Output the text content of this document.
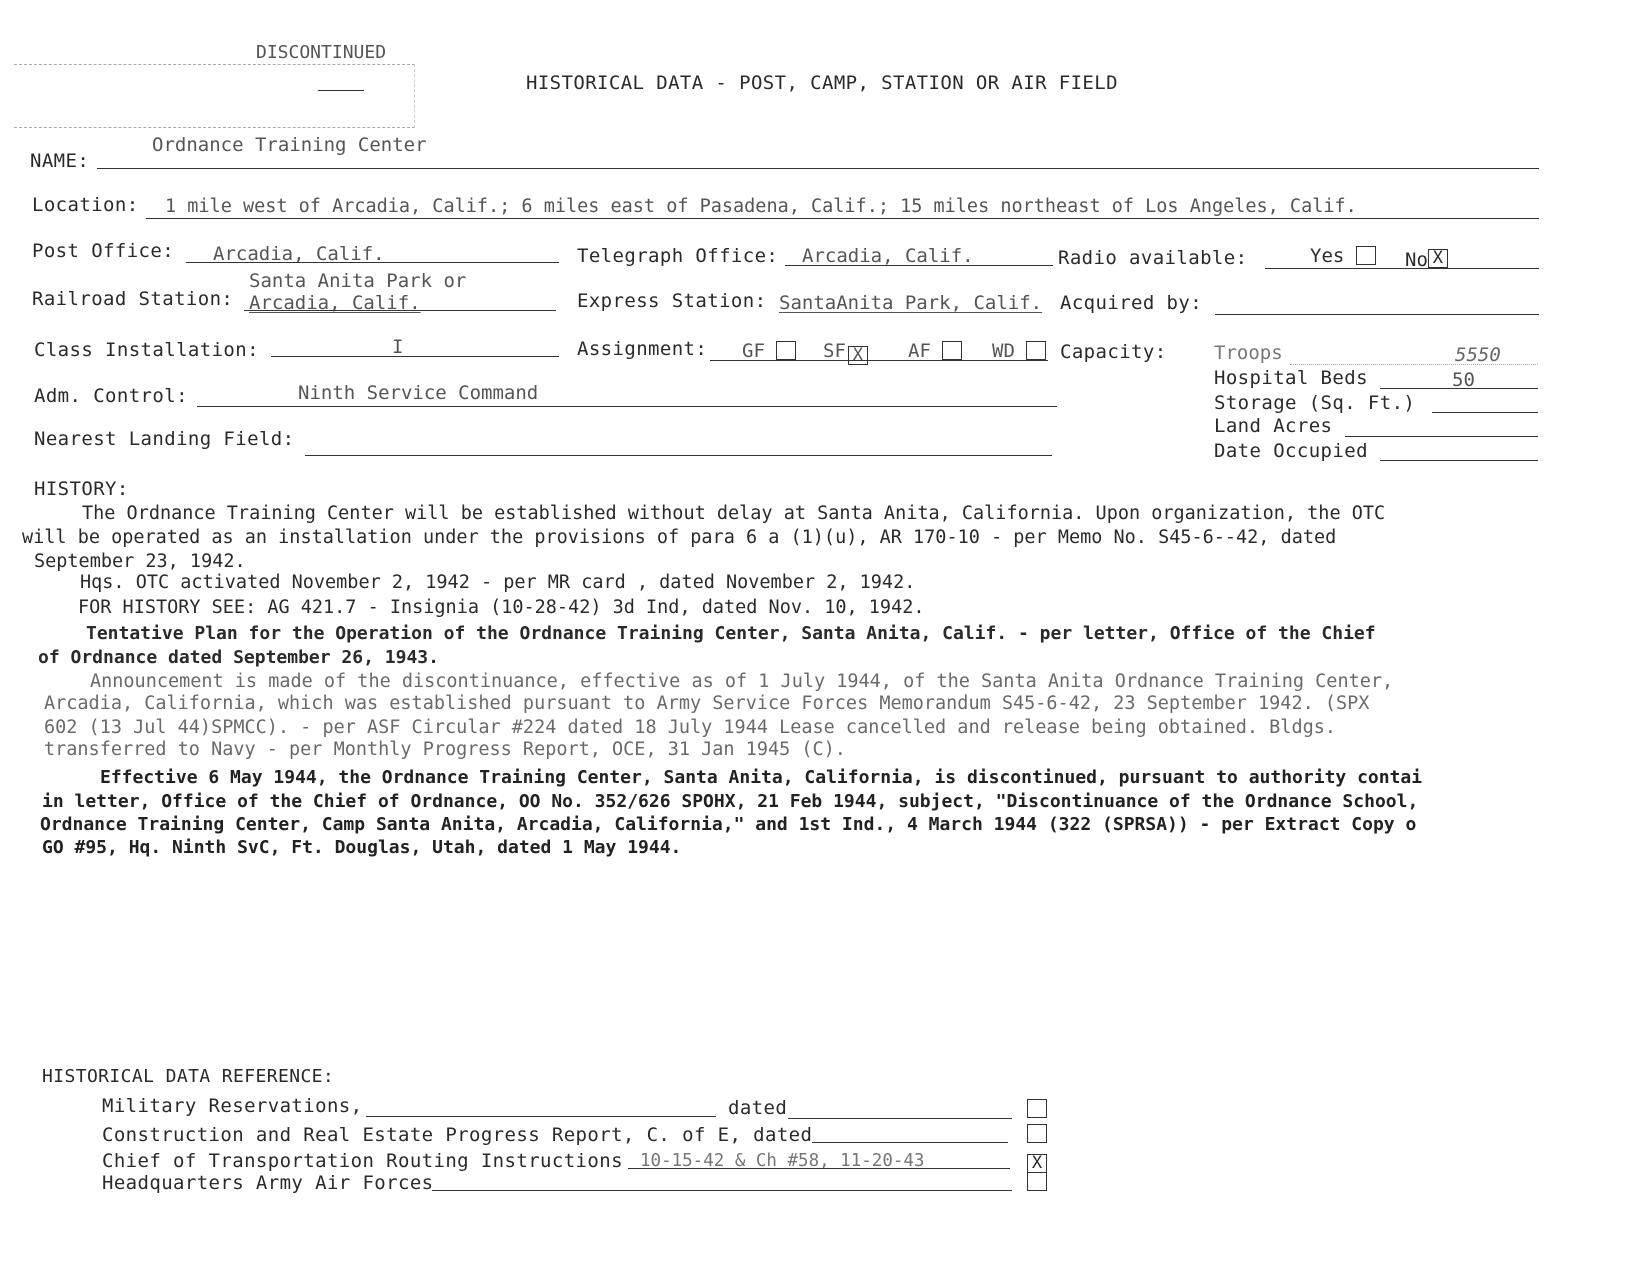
DISCONTINUED
HISTORICAL DATA - POST, CAMP, STATION OR AIR FIELD
NAME:
Ordnance Training Center
Location: 1 mile west of Arcadia, Calif.; 6 miles east of Pasadena, Calif.; 15 miles northeast of Los Angeles, Calif.
Post Office: Arcadia, Calif.	Telegraph Office: Arcadia, Calif.	Radio available:	Yes	No X
Railroad Station:
Santa Anita Park or
Arcadia, Calif.	Express Station: SantaAnita Park, Calif. Acquired by:
Class Installation:	I	Assignment: GF	SF X AF	WD	Capacity: Troops	5550
Hospital Beds	50
Storage (Sq. Ft.)
Land Acres
Date Occupied
Adm. Control:	Ninth Service Command
Nearest Landing Field:
HISTORY:
The Ordnance Training Center will be established without delay at Santa Anita, California. Upon organization, the OTC
will be operated as an installation under the provisions of para 6 a (1)(u), AR 170-10 - per Memo No. S45-6--42, dated
September 23, 1942.
Hqs. OTC activated November 2, 1942 - per MR card , dated November 2, 1942.
FOR HISTORY SEE: AG 421.7 - Insignia (10-28-42) 3d Ind, dated Nov. 10, 1942.
Tentative Plan for the Operation of the Ordnance Training Center, Santa Anita, Calif. - per letter, Office of the Chief
of Ordnance dated September 26, 1943.
Announcement is made of the discontinuance, effective as of 1 July 1944, of the Santa Anita Ordnance Training Center,
Arcadia, California, which was established pursuant to Army Service Forces Memorandum S45-6-42, 23 September 1942. (SPX
602 (13 Jul 44)SPMCC). - per ASF Circular #224 dated 18 July 1944 Lease cancelled and release being obtained. Bldgs.
transferred to Navy - per Monthly Progress Report, OCE, 31 Jan 1945 (C).
Effective 6 May 1944, the Ordnance Training Center, Santa Anita, California, is discontinued, pursuant to authority contai
in letter, Office of the Chief of Ordnance, OO No. 352/626 SPOHX, 21 Feb 1944, subject, "Discontinuance of the Ordnance School,
Ordnance Training Center, Camp Santa Anita, Arcadia, California," and 1st Ind., 4 March 1944 (322 (SPRSA)) - per Extract Copy o
GO #95, Hq. Ninth SvC, Ft. Douglas, Utah, dated 1 May 1944.
HISTORICAL DATA REFERENCE:
Military Reservations,	dated
Construction and Real Estate Progress Report, C. of E, dated
Chief of Transportation Routing Instructions 10-15-42 & Ch #58, 11-20-43	X
Headquarters Army Air Forces
